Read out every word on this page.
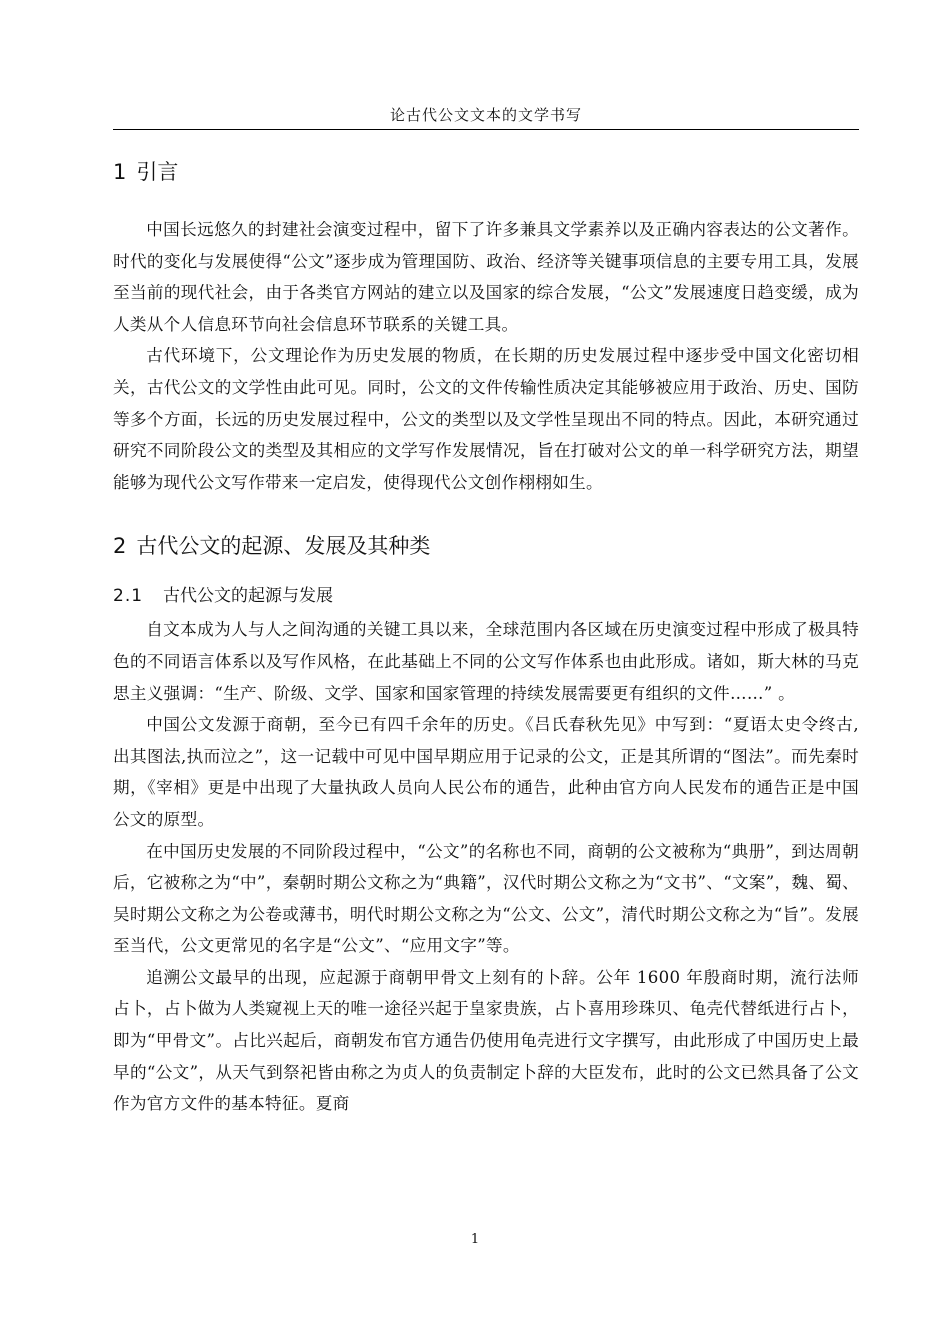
论古代公文文本的文学书写
1 引言

中国长远悠久的封建社会演变过程中，留下了许多兼具文学素养以及正确内容表达的公文著作。时代的变化与发展使得“公文”逐步成为管理国防、政治、经济等关键事项信息的主要专用工具，发展至当前的现代社会，由于各类官方网站的建立以及国家的综合发展，“公文”发展速度日趋变缓，成为人类从个人信息环节向社会信息环节联系的关键工具。

古代环境下，公文理论作为历史发展的物质，在长期的历史发展过程中逐步受中国文化密切相关，古代公文的文学性由此可见。同时，公文的文件传输性质决定其能够被应用于政治、历史、国防等多个方面，长远的历史发展过程中，公文的类型以及文学性呈现出不同的特点。因此，本研究通过研究不同阶段公文的类型及其相应的文学写作发展情况，旨在打破对公文的单一科学研究方法，期望能够为现代公文写作带来一定启发，使得现代公文创作栩栩如生。

2 古代公文的起源、发展及其种类
2.1 古代公文的起源与发展

自文本成为人与人之间沟通的关键工具以来，全球范围内各区域在历史演变过程中形成了极具特色的不同语言体系以及写作风格，在此基础上不同的公文写作体系也由此形成。诸如，斯大林的马克思主义强调：“生产、阶级、文学、国家和国家管理的持续发展需要更有组织的文件……” 。

中国公文发源于商朝，至今已有四千余年的历史。《吕氏春秋先见》中写到：“夏语太史令终古,出其图法,执而泣之”，这一记载中可见中国早期应用于记录的公文，正是其所谓的“图法”。而先秦时期，《宰相》更是中出现了大量执政人员向人民公布的通告，此种由官方向人民发布的通告正是中国公文的原型。

在中国历史发展的不同阶段过程中，“公文”的名称也不同，商朝的公文被称为“典册”，到达周朝后，它被称之为“中”，秦朝时期公文称之为“典籍”，汉代时期公文称之为“文书”、“文案”，魏、蜀、吴时期公文称之为公卷或薄书，明代时期公文称之为“公文、公文”，清代时期公文称之为“旨”。发展至当代，公文更常见的名字是“公文”、“应用文字”等。

追溯公文最早的出现，应起源于商朝甲骨文上刻有的卜辞。公年 1600 年殷商时期，流行法师占卜，占卜做为人类窥视上天的唯一途径兴起于皇家贵族，占卜喜用珍珠贝、龟壳代替纸进行占卜，即为“甲骨文”。占比兴起后，商朝发布官方通告仍使用龟壳进行文字撰写，由此形成了中国历史上最早的“公文”，从天气到祭祀皆由称之为贞人的负责制定卜辞的大臣发布，此时的公文已然具备了公文作为官方文件的基本特征。夏商

1
